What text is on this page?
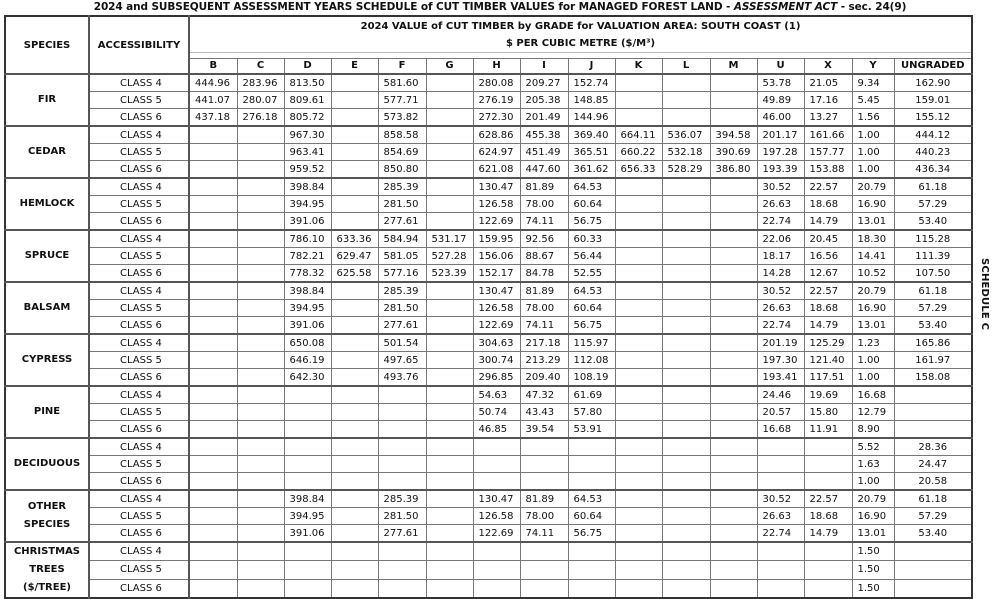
2024 and SUBSEQUENT ASSESSMENT YEARS SCHEDULE of CUT TIMBER VALUES for MANAGED FOREST LAND - ASSESSMENT ACT - sec. 24(9)
SPECIES	ACCESSIBILITY	2024 VALUE of CUT TIMBER by GRADE for VALUATION AREA: SOUTH COAST (1)															
		$ PER CUBIC METRE ($/M³)															

		B	C	D	E	F	G	H	I	J	K	L	M	U	X	Y	UNGRADED
FIR	CLASS 4	444.96	283.96	813.50		581.60		280.08	209.27	152.74				53.78	21.05	9.34	162.90
	CLASS 5	441.07	280.07	809.61		577.71		276.19	205.38	148.85				49.89	17.16	5.45	159.01
	CLASS 6	437.18	276.18	805.72		573.82		272.30	201.49	144.96				46.00	13.27	1.56	155.12
CEDAR	CLASS 4			967.30		858.58		628.86	455.38	369.40	664.11	536.07	394.58	201.17	161.66	1.00	444.12
	CLASS 5			963.41		854.69		624.97	451.49	365.51	660.22	532.18	390.69	197.28	157.77	1.00	440.23
	CLASS 6			959.52		850.80		621.08	447.60	361.62	656.33	528.29	386.80	193.39	153.88	1.00	436.34
HEMLOCK	CLASS 4			398.84		285.39		130.47	81.89	64.53				30.52	22.57	20.79	61.18
	CLASS 5			394.95		281.50		126.58	78.00	60.64				26.63	18.68	16.90	57.29
	CLASS 6			391.06		277.61		122.69	74.11	56.75				22.74	14.79	13.01	53.40
SPRUCE	CLASS 4			786.10	633.36	584.94	531.17	159.95	92.56	60.33				22.06	20.45	18.30	115.28
	CLASS 5			782.21	629.47	581.05	527.28	156.06	88.67	56.44				18.17	16.56	14.41	111.39
	CLASS 6			778.32	625.58	577.16	523.39	152.17	84.78	52.55				14.28	12.67	10.52	107.50
BALSAM	CLASS 4			398.84		285.39		130.47	81.89	64.53				30.52	22.57	20.79	61.18
	CLASS 5			394.95		281.50		126.58	78.00	60.64				26.63	18.68	16.90	57.29
	CLASS 6			391.06		277.61		122.69	74.11	56.75				22.74	14.79	13.01	53.40
CYPRESS	CLASS 4			650.08		501.54		304.63	217.18	115.97				201.19	125.29	1.23	165.86
	CLASS 5			646.19		497.65		300.74	213.29	112.08				197.30	121.40	1.00	161.97
	CLASS 6			642.30		493.76		296.85	209.40	108.19				193.41	117.51	1.00	158.08
PINE	CLASS 4							54.63	47.32	61.69				24.46	19.69	16.68	
	CLASS 5							50.74	43.43	57.80				20.57	15.80	12.79	
	CLASS 6							46.85	39.54	53.91				16.68	11.91	8.90	
DECIDUOUS	CLASS 4															5.52	28.36
	CLASS 5															1.63	24.47
	CLASS 6															1.00	20.58
OTHER SPECIES	CLASS 4			398.84		285.39		130.47	81.89	64.53				30.52	22.57	20.79	61.18
	CLASS 5			394.95		281.50		126.58	78.00	60.64				26.63	18.68	16.90	57.29
	CLASS 6			391.06		277.61		122.69	74.11	56.75				22.74	14.79	13.01	53.40
CHRISTMAS TREES ($/TREE)	CLASS 4															1.50	
	CLASS 5															1.50	
	CLASS 6															1.50	
SCHEDULE C
